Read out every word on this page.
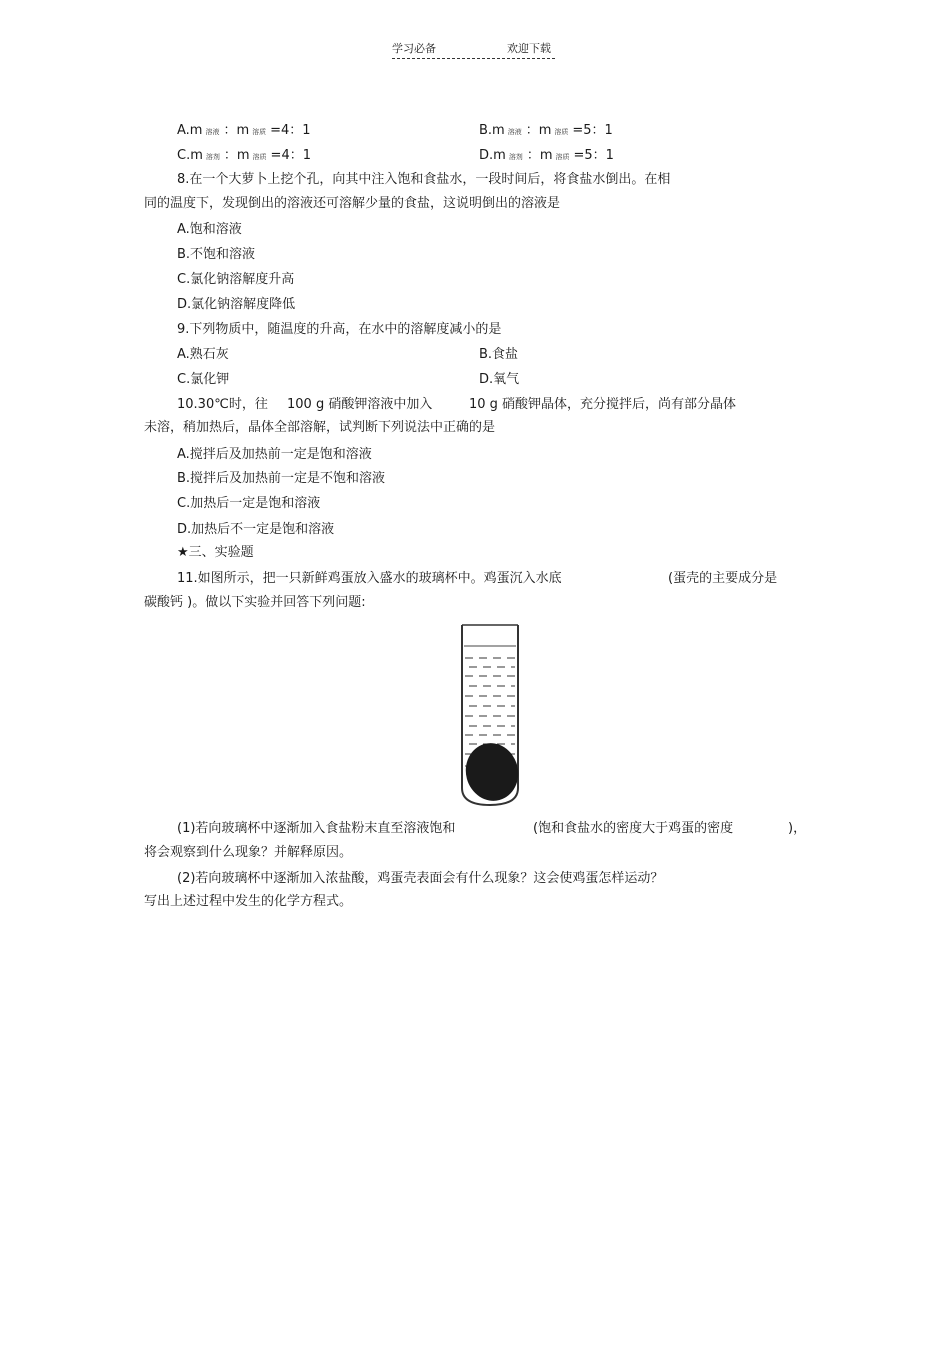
学习必备	欢迎下载
A.m 溶液 ：m 溶质 =4：1	B.m 溶液 ：m 溶质 =5：1
C.m 溶剂 ：m 溶质 =4：1	D.m 溶剂 ：m 溶质 =5：1
8.在一个大萝卜上挖个孔，向其中注入饱和食盐水，一段时间后，将食盐水倒出。在相
同的温度下，发现倒出的溶液还可溶解少量的食盐，这说明倒出的溶液是
A.饱和溶液
B.不饱和溶液
C.氯化钠溶解度升高
D.氯化钠溶解度降低
9.下列物质中，随温度的升高，在水中的溶解度减小的是
A.熟石灰	B.食盐
C.氯化钾	D.氧气
10.30℃时，往 100 g 硝酸钾溶液中加入	10 g 硝酸钾晶体，充分搅拌后，尚有部分晶体
未溶，稍加热后，晶体全部溶解，试判断下列说法中正确的是
A.搅拌后及加热前一定是饱和溶液
B.搅拌后及加热前一定是不饱和溶液
C.加热后一定是饱和溶液
D.加热后不一定是饱和溶液
★三、实验题
11.如图所示，把一只新鲜鸡蛋放入盛水的玻璃杯中。鸡蛋沉入水底	(蛋壳的主要成分是
碳酸钙 )。做以下实验并回答下列问题:
(1)若向玻璃杯中逐渐加入食盐粉末直至溶液饱和	(饱和食盐水的密度大于鸡蛋的密度	)，
将会观察到什么现象？并解释原因。
(2)若向玻璃杯中逐渐加入浓盐酸，鸡蛋壳表面会有什么现象？这会使鸡蛋怎样运动？
写出上述过程中发生的化学方程式。
